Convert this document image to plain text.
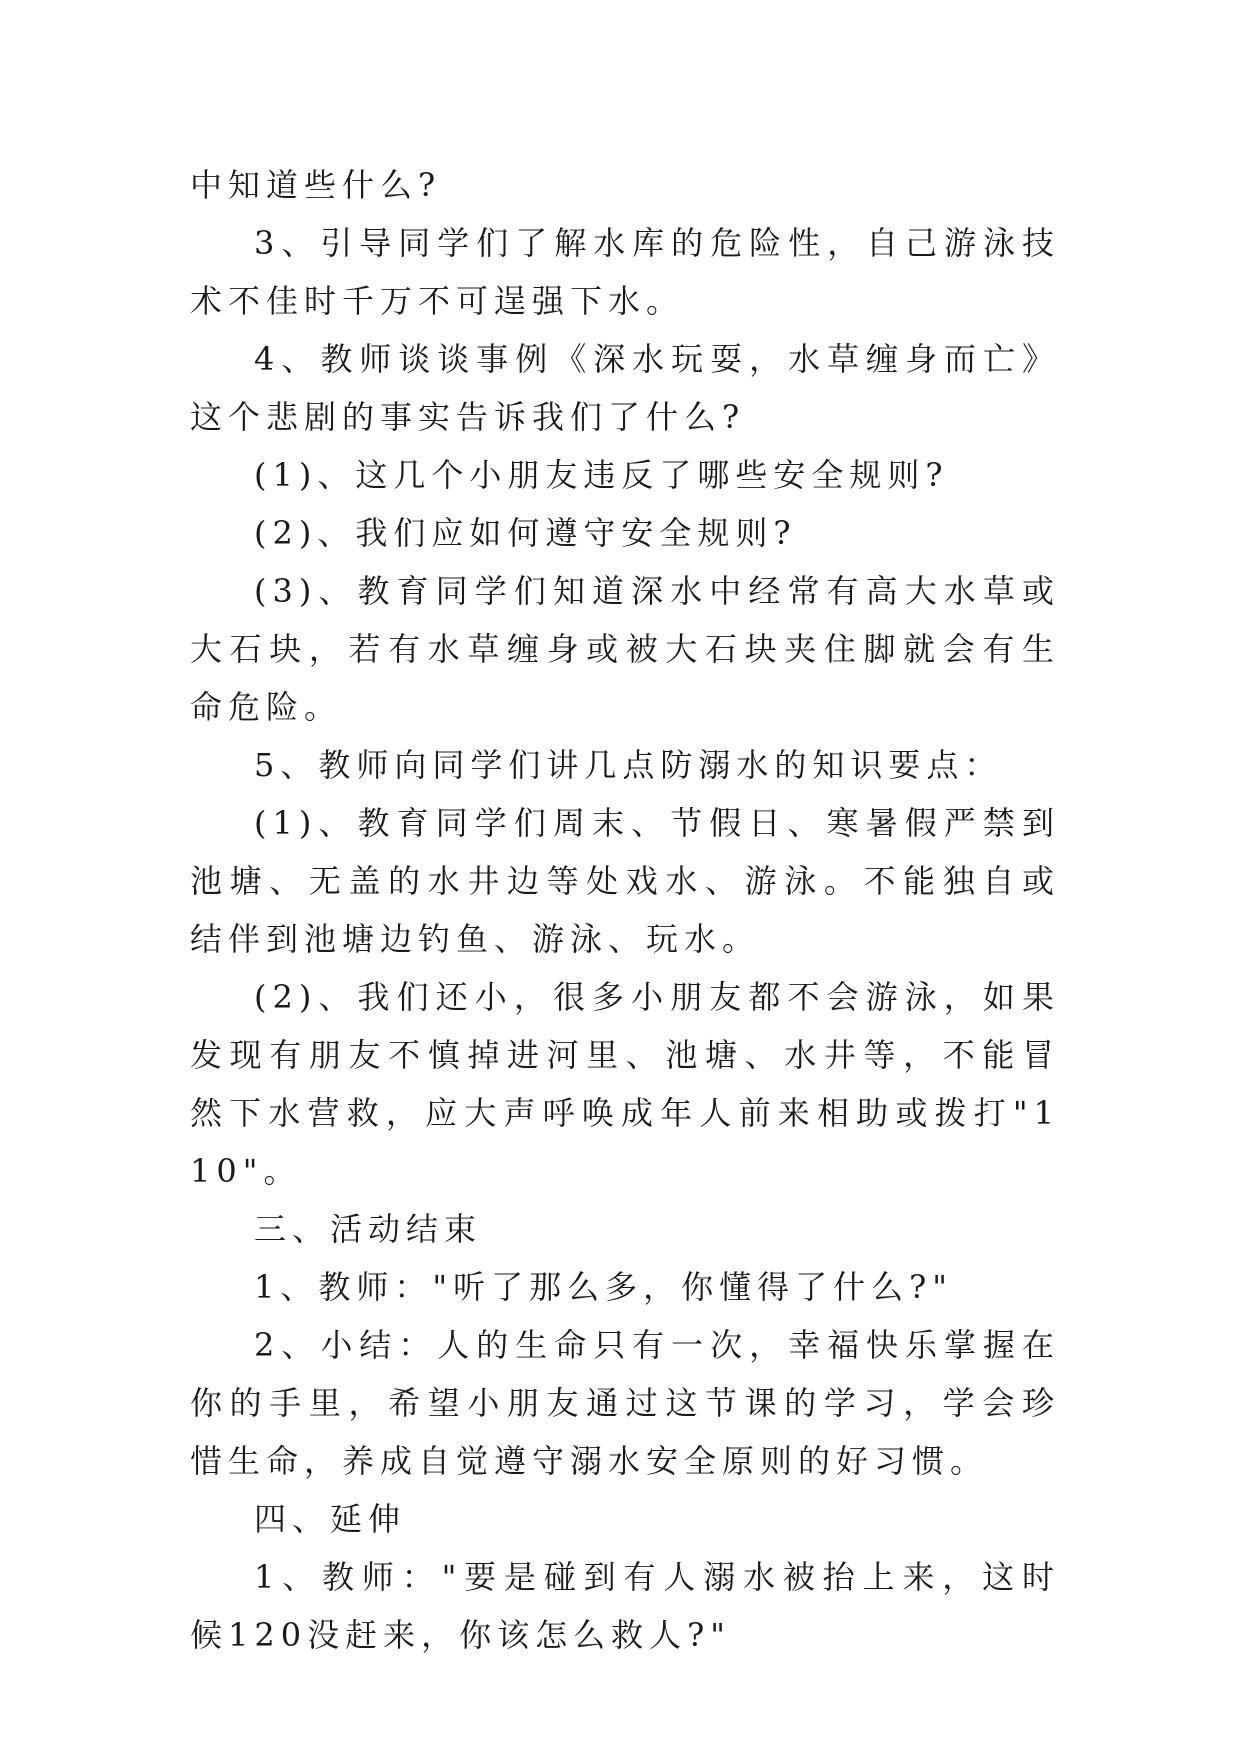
中知道些什么?

3、引导同学们了解水库的危险性，自己游泳技术不佳时千万不可逞强下水。

4、教师谈谈事例《深水玩耍，水草缠身而亡》这个悲剧的事实告诉我们了什么?

(1)、这几个小朋友违反了哪些安全规则?

(2)、我们应如何遵守安全规则?

(3)、教育同学们知道深水中经常有高大水草或大石块，若有水草缠身或被大石块夹住脚就会有生命危险。

5、教师向同学们讲几点防溺水的知识要点：

(1)、教育同学们周末、节假日、寒暑假严禁到池塘、无盖的水井边等处戏水、游泳。不能独自或结伴到池塘边钓鱼、游泳、玩水。

(2)、我们还小，很多小朋友都不会游泳，如果发现有朋友不慎掉进河里、池塘、水井等，不能冒然下水营救，应大声呼唤成年人前来相助或拨打"110"。

三、活动结束

1、教师："听了那么多，你懂得了什么?"

2、小结：人的生命只有一次，幸福快乐掌握在你的手里，希望小朋友通过这节课的学习，学会珍惜生命，养成自觉遵守溺水安全原则的好习惯。

四、延伸

1、教师："要是碰到有人溺水被抬上来，这时候120没赶来，你该怎么救人?"
